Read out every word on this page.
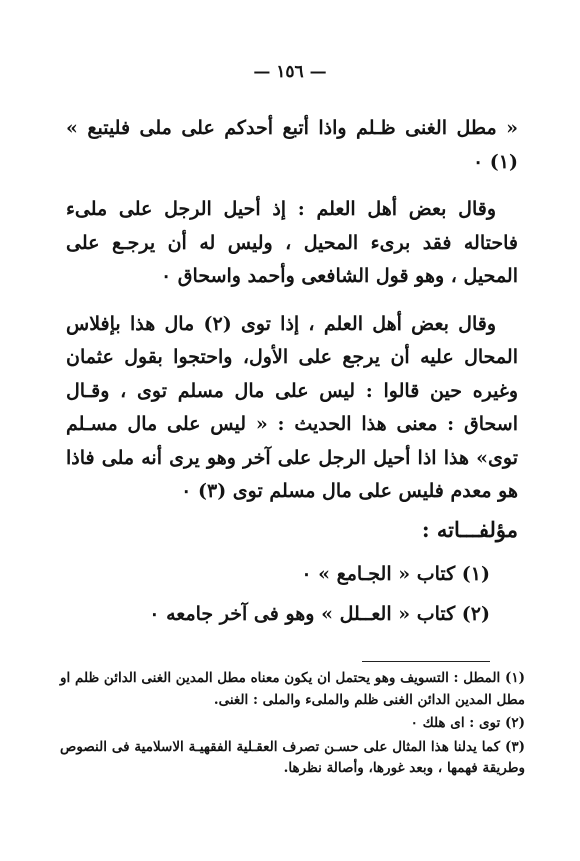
— ١٥٦ —

« مطل الغنى ظـلم واذا أتبع أحدكم على ملى فليتبع » (١) ٠

وقال بعض أهل العلم : إذ أحيل الرجل على ملىء فاحتاله فقد برىء المحيل ، وليس له أن يرجـع على المحيل ، وهو قول الشافعى وأحمد واسحاق ٠

وقال بعض أهل العلم ، إذا توى (٢) مال هذا بإفلاس المحال عليه أن يرجع على الأول، واحتجوا بقول عثمان وغيره حين قالوا : ليس على مال مسلم توى ، وقـال اسحاق : معنى هذا الحديث : « ليس على مال مسـلم توى» هذا اذا أحيل الرجل على آخر وهو يرى أنه ملى فاذا هو معدم فليس على مال مسلم توى (٣) ٠

مؤلفـــاته :

(١) كتاب « الجـامع » ٠

(٢) كتاب « العــلل » وهو فى آخر جامعه ٠

(١) المطل : التسويف وهو يحتمل ان يكون معناه مطل المدين الغنى الدائن ظلم او مطل المدين الدائن الغنى ظلم والملىء والملى : الغنى.

(٢) توى : اى هلك ٠

(٣) كما يدلنا هذا المثال على حسـن تصرف العقـلية الفقهيـة الاسلامية فى النصوص وطريقة فهمها ، وبعد غورها، وأصالة نظرها.
